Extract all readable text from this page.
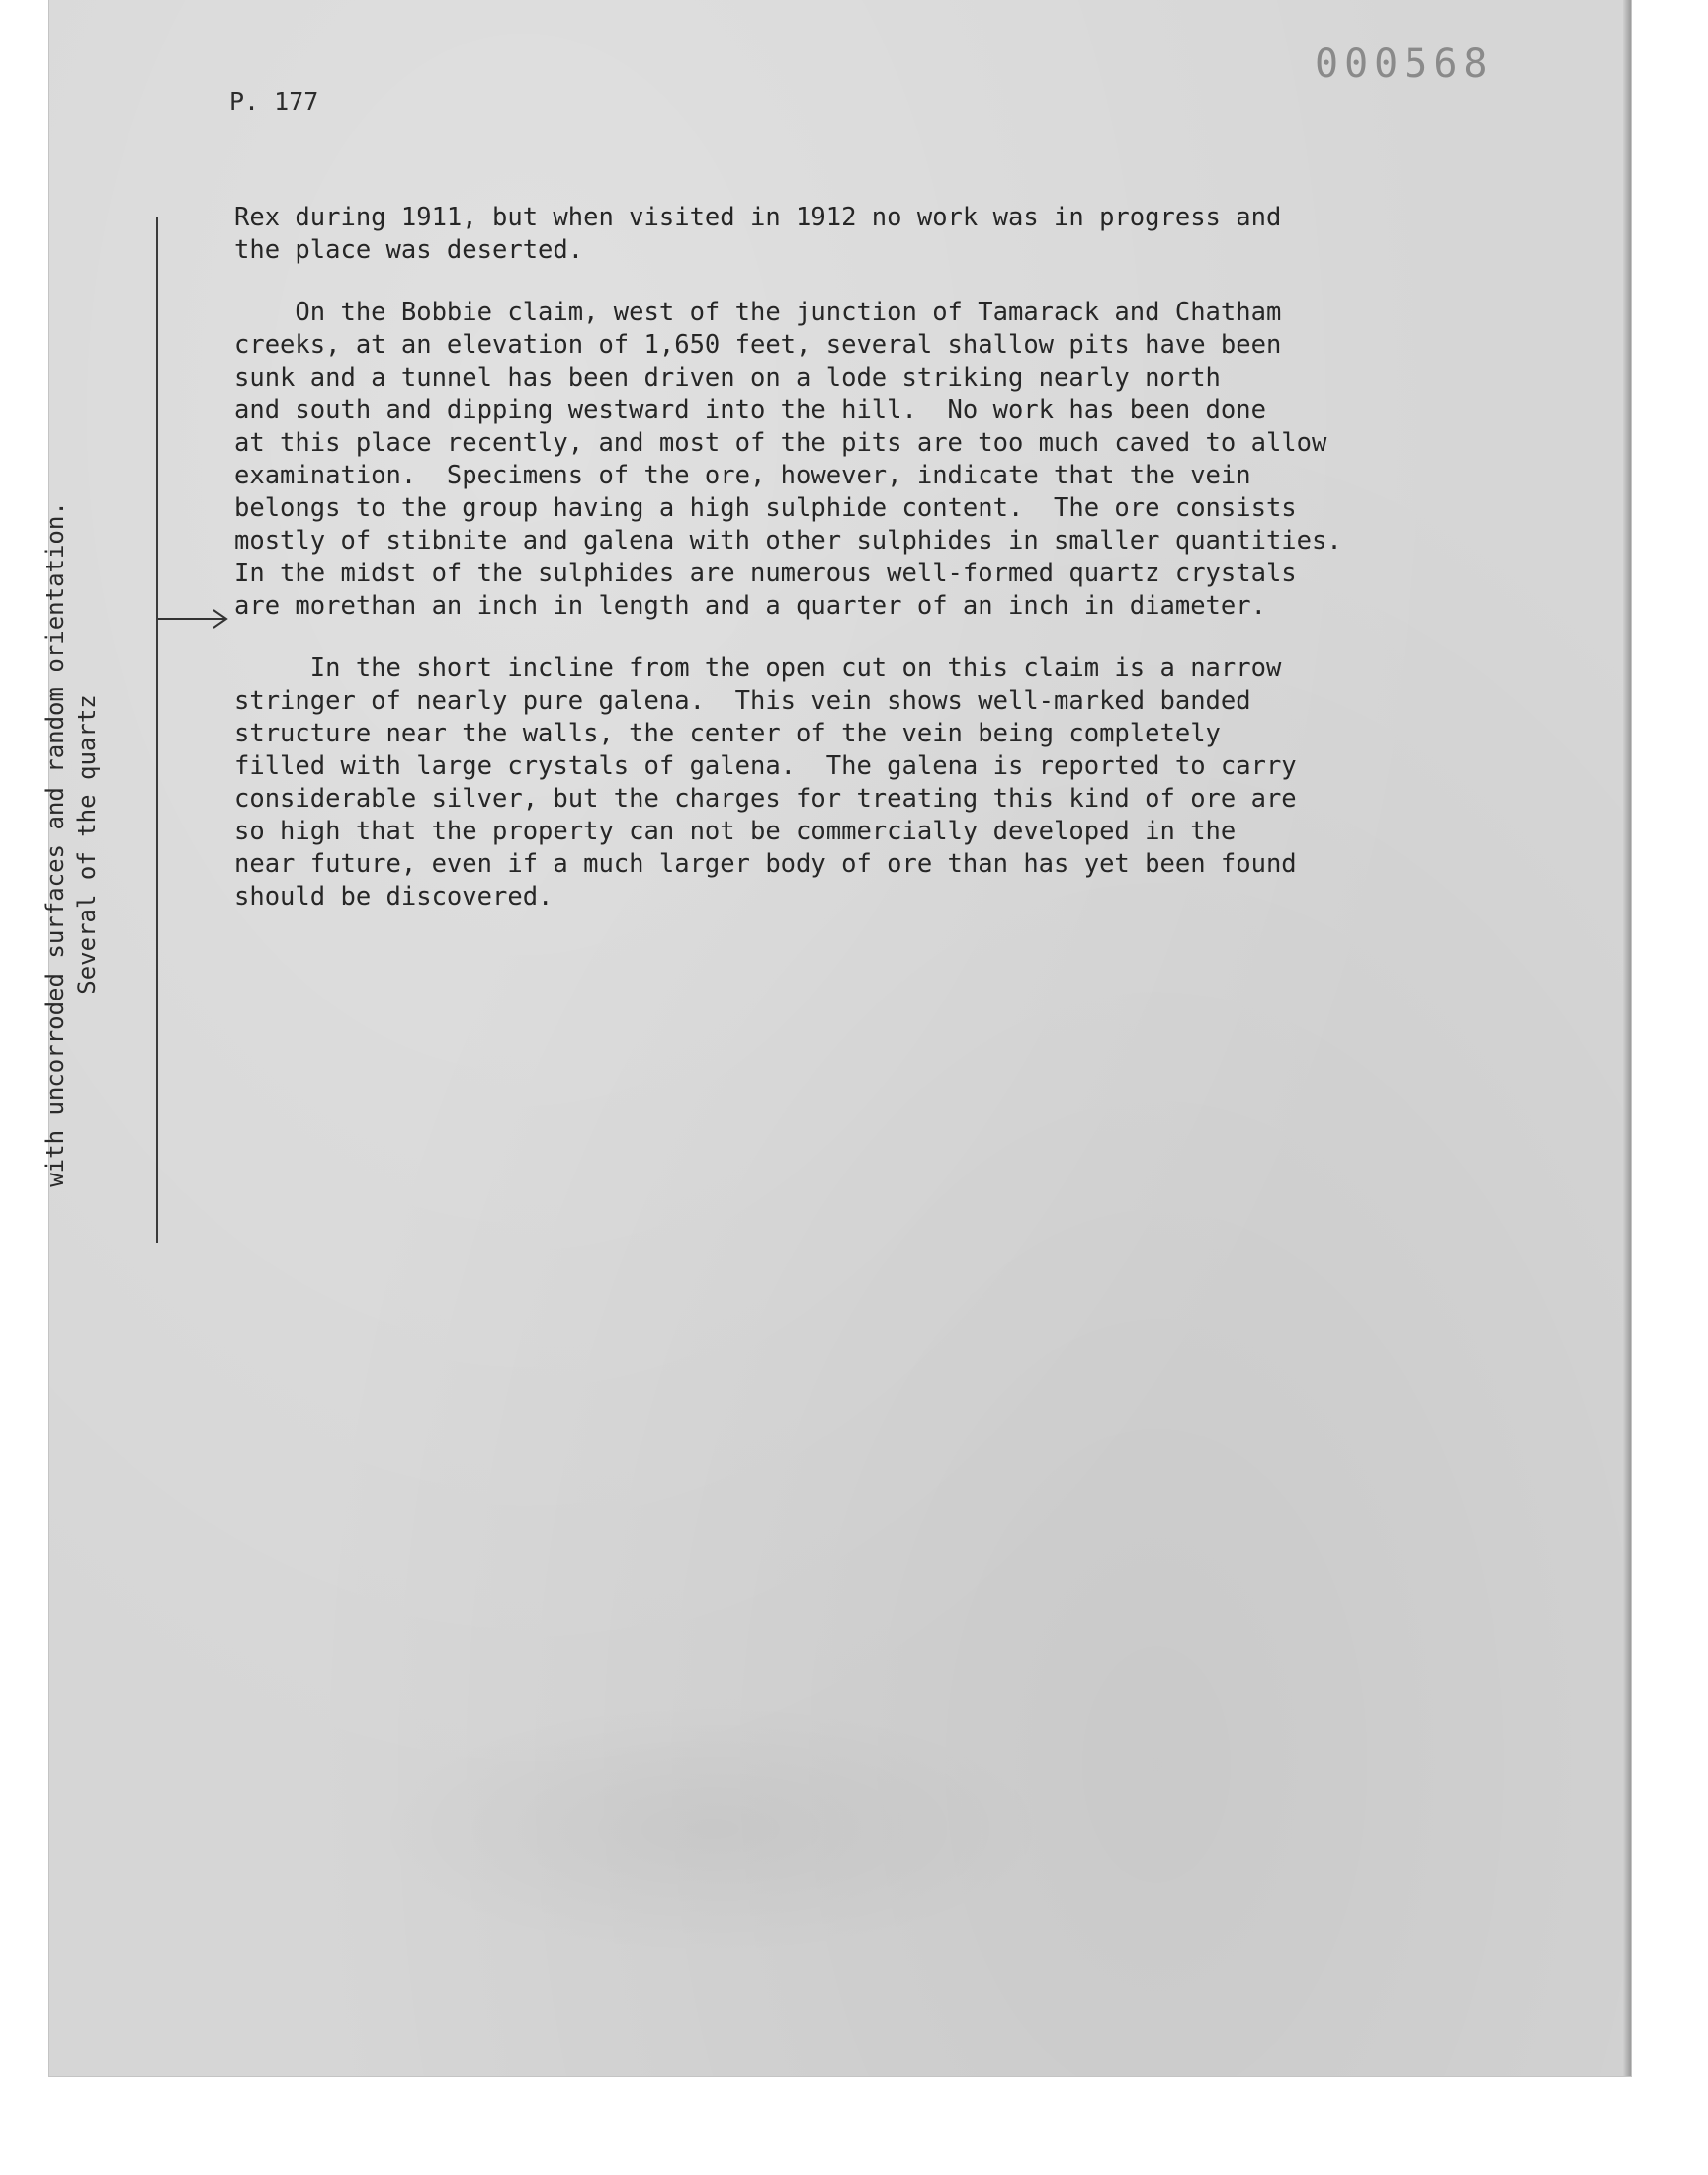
000568
P. 177
with uncorroded surfaces and random orientation. Several of the quartz
Rex during 1911, but when visited in 1912 no work was in progress and
the place was deserted.
On the Bobbie claim, west of the junction of Tamarack and Chatham
creeks, at an elevation of 1,650 feet, several shallow pits have been
sunk and a tunnel has been driven on a lode striking nearly north
and south and dipping westward into the hill.  No work has been done
at this place recently, and most of the pits are too much caved to allow
examination.  Specimens of the ore, however, indicate that the vein
belongs to the group having a high sulphide content.  The ore consists
mostly of stibnite and galena with other sulphides in smaller quantities.
In the midst of the sulphides are numerous well-formed quartz crystals
are morethan an inch in length and a quarter of an inch in diameter.
In the short incline from the open cut on this claim is a narrow
stringer of nearly pure galena.  This vein shows well-marked banded
structure near the walls, the center of the vein being completely
filled with large crystals of galena.  The galena is reported to carry
considerable silver, but the charges for treating this kind of ore are
so high that the property can not be commercially developed in the
near future, even if a much larger body of ore than has yet been found
should be discovered.
